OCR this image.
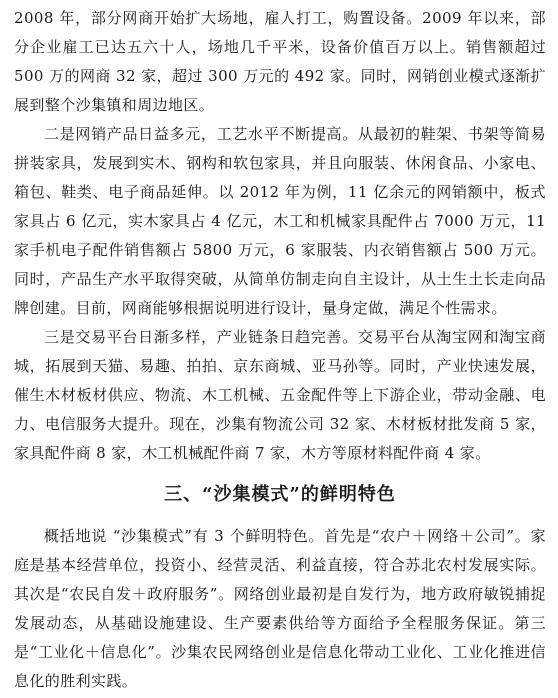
2008 年，部分网商开始扩大场地，雇人打工，购置设备。2009 年以来，部分企业雇工已达五六十人，场地几千平米，设备价值百万以上。销售额超过 500 万的网商 32 家，超过 300 万元的 492 家。同时，网销创业模式逐渐扩展到整个沙集镇和周边地区。

二是网销产品日益多元，工艺水平不断提高。从最初的鞋架、书架等简易拼装家具，发展到实木、钢构和软包家具，并且向服装、休闲食品、小家电、箱包、鞋类、电子商品延伸。以 2012 年为例，11 亿余元的网销额中，板式家具占 6 亿元，实木家具占 4 亿元，木工和机械家具配件占 7000 万元，11 家手机电子配件销售额占 5800 万元，6 家服装、内衣销售额占 500 万元。同时，产品生产水平取得突破，从简单仿制走向自主设计，从土生土长走向品牌创建。目前，网商能够根据说明进行设计，量身定做，满足个性需求。

三是交易平台日渐多样，产业链条日趋完善。交易平台从淘宝网和淘宝商城，拓展到天猫、易趣、拍拍、京东商城、亚马孙等。同时，产业快速发展，催生木材板材供应、物流、木工机械、五金配件等上下游企业，带动金融、电力、电信服务大提升。现在，沙集有物流公司 32 家、木材板材批发商 5 家，家具配件商 8 家，木工机械配件商 7 家，木方等原材料配件商 4 家。

三、“沙集模式”的鲜明特色

概括地说 “沙集模式”有 3 个鲜明特色。首先是“农户＋网络＋公司”。家庭是基本经营单位，投资小、经营灵活、利益直接，符合苏北农村发展实际。其次是“农民自发＋政府服务”。网络创业最初是自发行为，地方政府敏锐捕捉发展动态，从基础设施建设、生产要素供给等方面给予全程服务保证。第三是“工业化＋信息化”。沙集农民网络创业是信息化带动工业化、工业化推进信息化的胜利实践。
